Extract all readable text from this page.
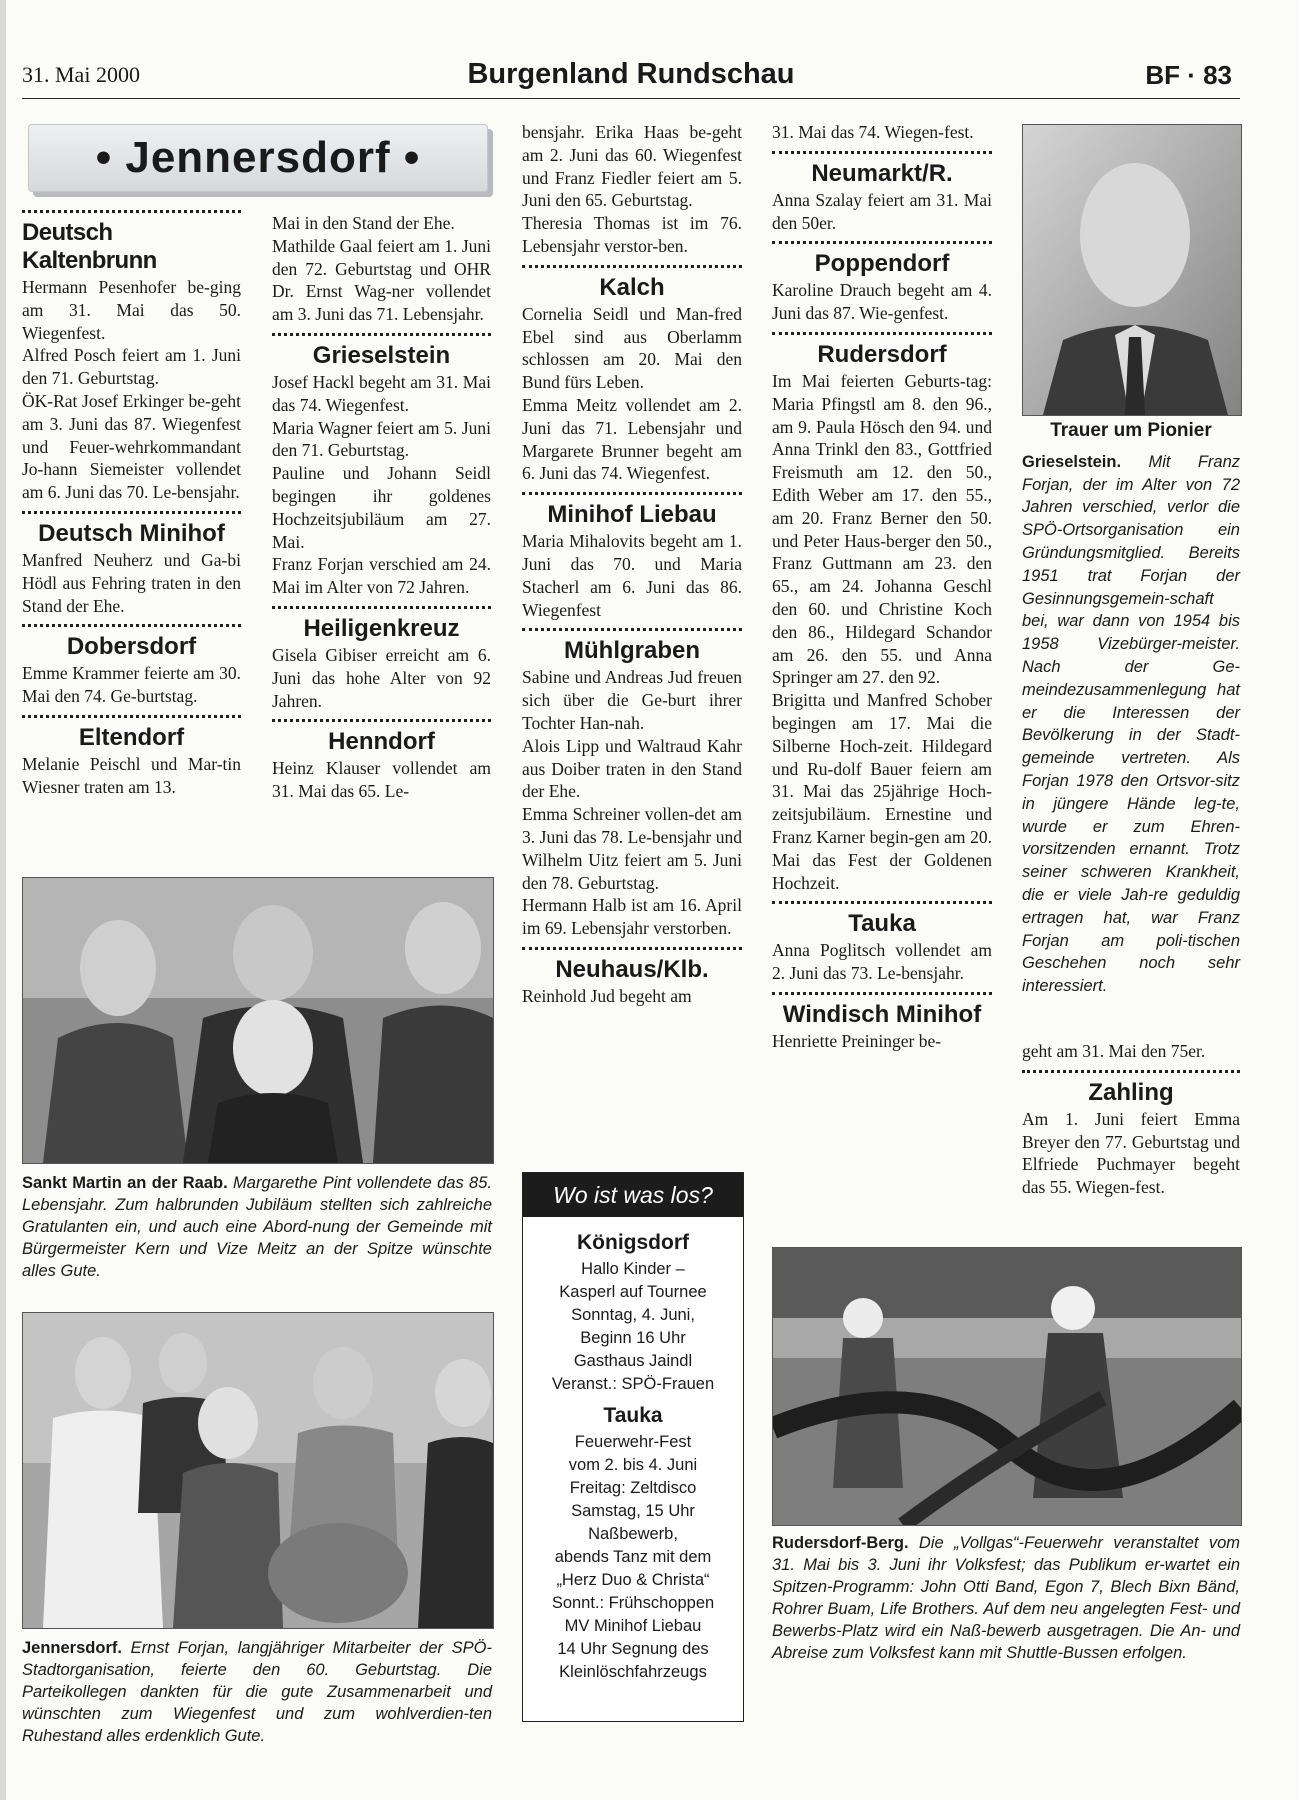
31. Mai 2000	Burgenland Rundschau	BF · 83
• Jennersdorf •
Deutsch Kaltenbrunn

Hermann Pesenhofer be-ging am 31. Mai das 50. Wiegenfest.

Alfred Posch feiert am 1. Juni den 71. Geburtstag.

ÖK-Rat Josef Erkinger be-geht am 3. Juni das 87. Wiegenfest und Feuer-wehrkommandant Jo-hann Siemeister vollendet am 6. Juni das 70. Le-bensjahr.

Deutsch Minihof

Manfred Neuherz und Ga-bi Hödl aus Fehring traten in den Stand der Ehe.

Dobersdorf

Emme Krammer feierte am 30. Mai den 74. Ge-burtstag.

Eltendorf

Melanie Peischl und Mar-tin Wiesner traten am 13.

Mai in den Stand der Ehe.

Mathilde Gaal feiert am 1. Juni den 72. Geburtstag und OHR Dr. Ernst Wag-ner vollendet am 3. Juni das 71. Lebensjahr.

Grieselstein

Josef Hackl begeht am 31. Mai das 74. Wiegenfest.

Maria Wagner feiert am 5. Juni den 71. Geburtstag.

Pauline und Johann Seidl begingen ihr goldenes Hochzeitsjubiläum am 27. Mai.

Franz Forjan verschied am 24. Mai im Alter von 72 Jahren.

Heiligenkreuz

Gisela Gibiser erreicht am 6. Juni das hohe Alter von 92 Jahren.

Henndorf

Heinz Klauser vollendet am 31. Mai das 65. Le-

bensjahr. Erika Haas be-geht am 2. Juni das 60. Wiegenfest und Franz Fiedler feiert am 5. Juni den 65. Geburtstag.

Theresia Thomas ist im 76. Lebensjahr verstor-ben.

Kalch

Cornelia Seidl und Man-fred Ebel sind aus Oberlamm schlossen am 20. Mai den Bund fürs Leben.

Emma Meitz vollendet am 2. Juni das 71. Lebensjahr und Margarete Brunner begeht am 6. Juni das 74. Wiegenfest.

Minihof Liebau

Maria Mihalovits begeht am 1. Juni das 70. und Maria Stacherl am 6. Juni das 86. Wiegenfest

Mühlgraben

Sabine und Andreas Jud freuen sich über die Ge-burt ihrer Tochter Han-nah.

Alois Lipp und Waltraud Kahr aus Doiber traten in den Stand der Ehe.

Emma Schreiner vollen-det am 3. Juni das 78. Le-bensjahr und Wilhelm Uitz feiert am 5. Juni den 78. Geburtstag.

Hermann Halb ist am 16. April im 69. Lebensjahr verstorben.

Neuhaus/Klb.

Reinhold Jud begeht am

31. Mai das 74. Wiegen-fest.

Neumarkt/R.

Anna Szalay feiert am 31. Mai den 50er.

Poppendorf

Karoline Drauch begeht am 4. Juni das 87. Wie-genfest.

Rudersdorf

Im Mai feierten Geburts-tag: Maria Pfingstl am 8. den 96., am 9. Paula Hösch den 94. und Anna Trinkl den 83., Gottfried Freismuth am 12. den 50., Edith Weber am 17. den 55., am 20. Franz Berner den 50. und Peter Haus-berger den 50., Franz Guttmann am 23. den 65., am 24. Johanna Geschl den 60. und Christine Koch den 86., Hildegard Schandor am 26. den 55. und Anna Springer am 27. den 92.

Brigitta und Manfred Schober begingen am 17. Mai die Silberne Hoch-zeit. Hildegard und Ru-dolf Bauer feiern am 31. Mai das 25jährige Hoch-zeitsjubiläum. Ernestine und Franz Karner begin-gen am 20. Mai das Fest der Goldenen Hochzeit.

Tauka

Anna Poglitsch vollendet am 2. Juni das 73. Le-bensjahr.

Windisch Minihof

Henriette Preininger be-

geht am 31. Mai den 75er.

Zahling

Am 1. Juni feiert Emma Breyer den 77. Geburtstag und Elfriede Puchmayer begeht das 55. Wiegen-fest.

Trauer um Pionier
Grieselstein. Mit Franz Forjan, der im Alter von 72 Jahren verschied, verlor die SPÖ-Ortsorganisation ein Gründungsmitglied. Bereits 1951 trat Forjan der Gesinnungsgemein-schaft bei, war dann von 1954 bis 1958 Vizebürger-meister. Nach der Ge-meindezusammenlegung hat er die Interessen der Bevölkerung in der Stadt-gemeinde vertreten. Als Forjan 1978 den Ortsvor-sitz in jüngere Hände leg-te, wurde er zum Ehren-vorsitzenden ernannt. Trotz seiner schweren Krankheit, die er viele Jah-re geduldig ertragen hat, war Franz Forjan am poli-tischen Geschehen noch sehr interessiert.
Sankt Martin an der Raab. Margarethe Pint vollendete das 85. Lebensjahr. Zum halbrunden Jubiläum stellten sich zahlreiche Gratulanten ein, und auch eine Abord-nung der Gemeinde mit Bürgermeister Kern und Vize Meitz an der Spitze wünschte alles Gute.
Jennersdorf. Ernst Forjan, langjähriger Mitarbeiter der SPÖ-Stadtorganisation, feierte den 60. Geburtstag. Die Parteikollegen dankten für die gute Zusammenarbeit und wünschten zum Wiegenfest und zum wohlverdien-ten Ruhestand alles erdenklich Gute.
Wo ist was los?
Königsdorf
Hallo Kinder –
Kasperl auf Tournee
Sonntag, 4. Juni,
Beginn 16 Uhr
Gasthaus Jaindl
Veranst.: SPÖ-Frauen
Tauka
Feuerwehr-Fest
vom 2. bis 4. Juni
Freitag: Zeltdisco
Samstag, 15 Uhr
Naßbewerb,
abends Tanz mit dem
„Herz Duo & Christa“
Sonnt.: Frühschoppen
MV Minihof Liebau
14 Uhr Segnung des
Kleinlöschfahrzeugs
Rudersdorf-Berg. Die „Vollgas“-Feuerwehr veranstaltet vom 31. Mai bis 3. Juni ihr Volksfest; das Publikum er-wartet ein Spitzen-Programm: John Otti Band, Egon 7, Blech Bixn Bänd, Rohrer Buam, Life Brothers. Auf dem neu angelegten Fest- und Bewerbs-Platz wird ein Naß-bewerb ausgetragen. Die An- und Abreise zum Volksfest kann mit Shuttle-Bussen erfolgen.
